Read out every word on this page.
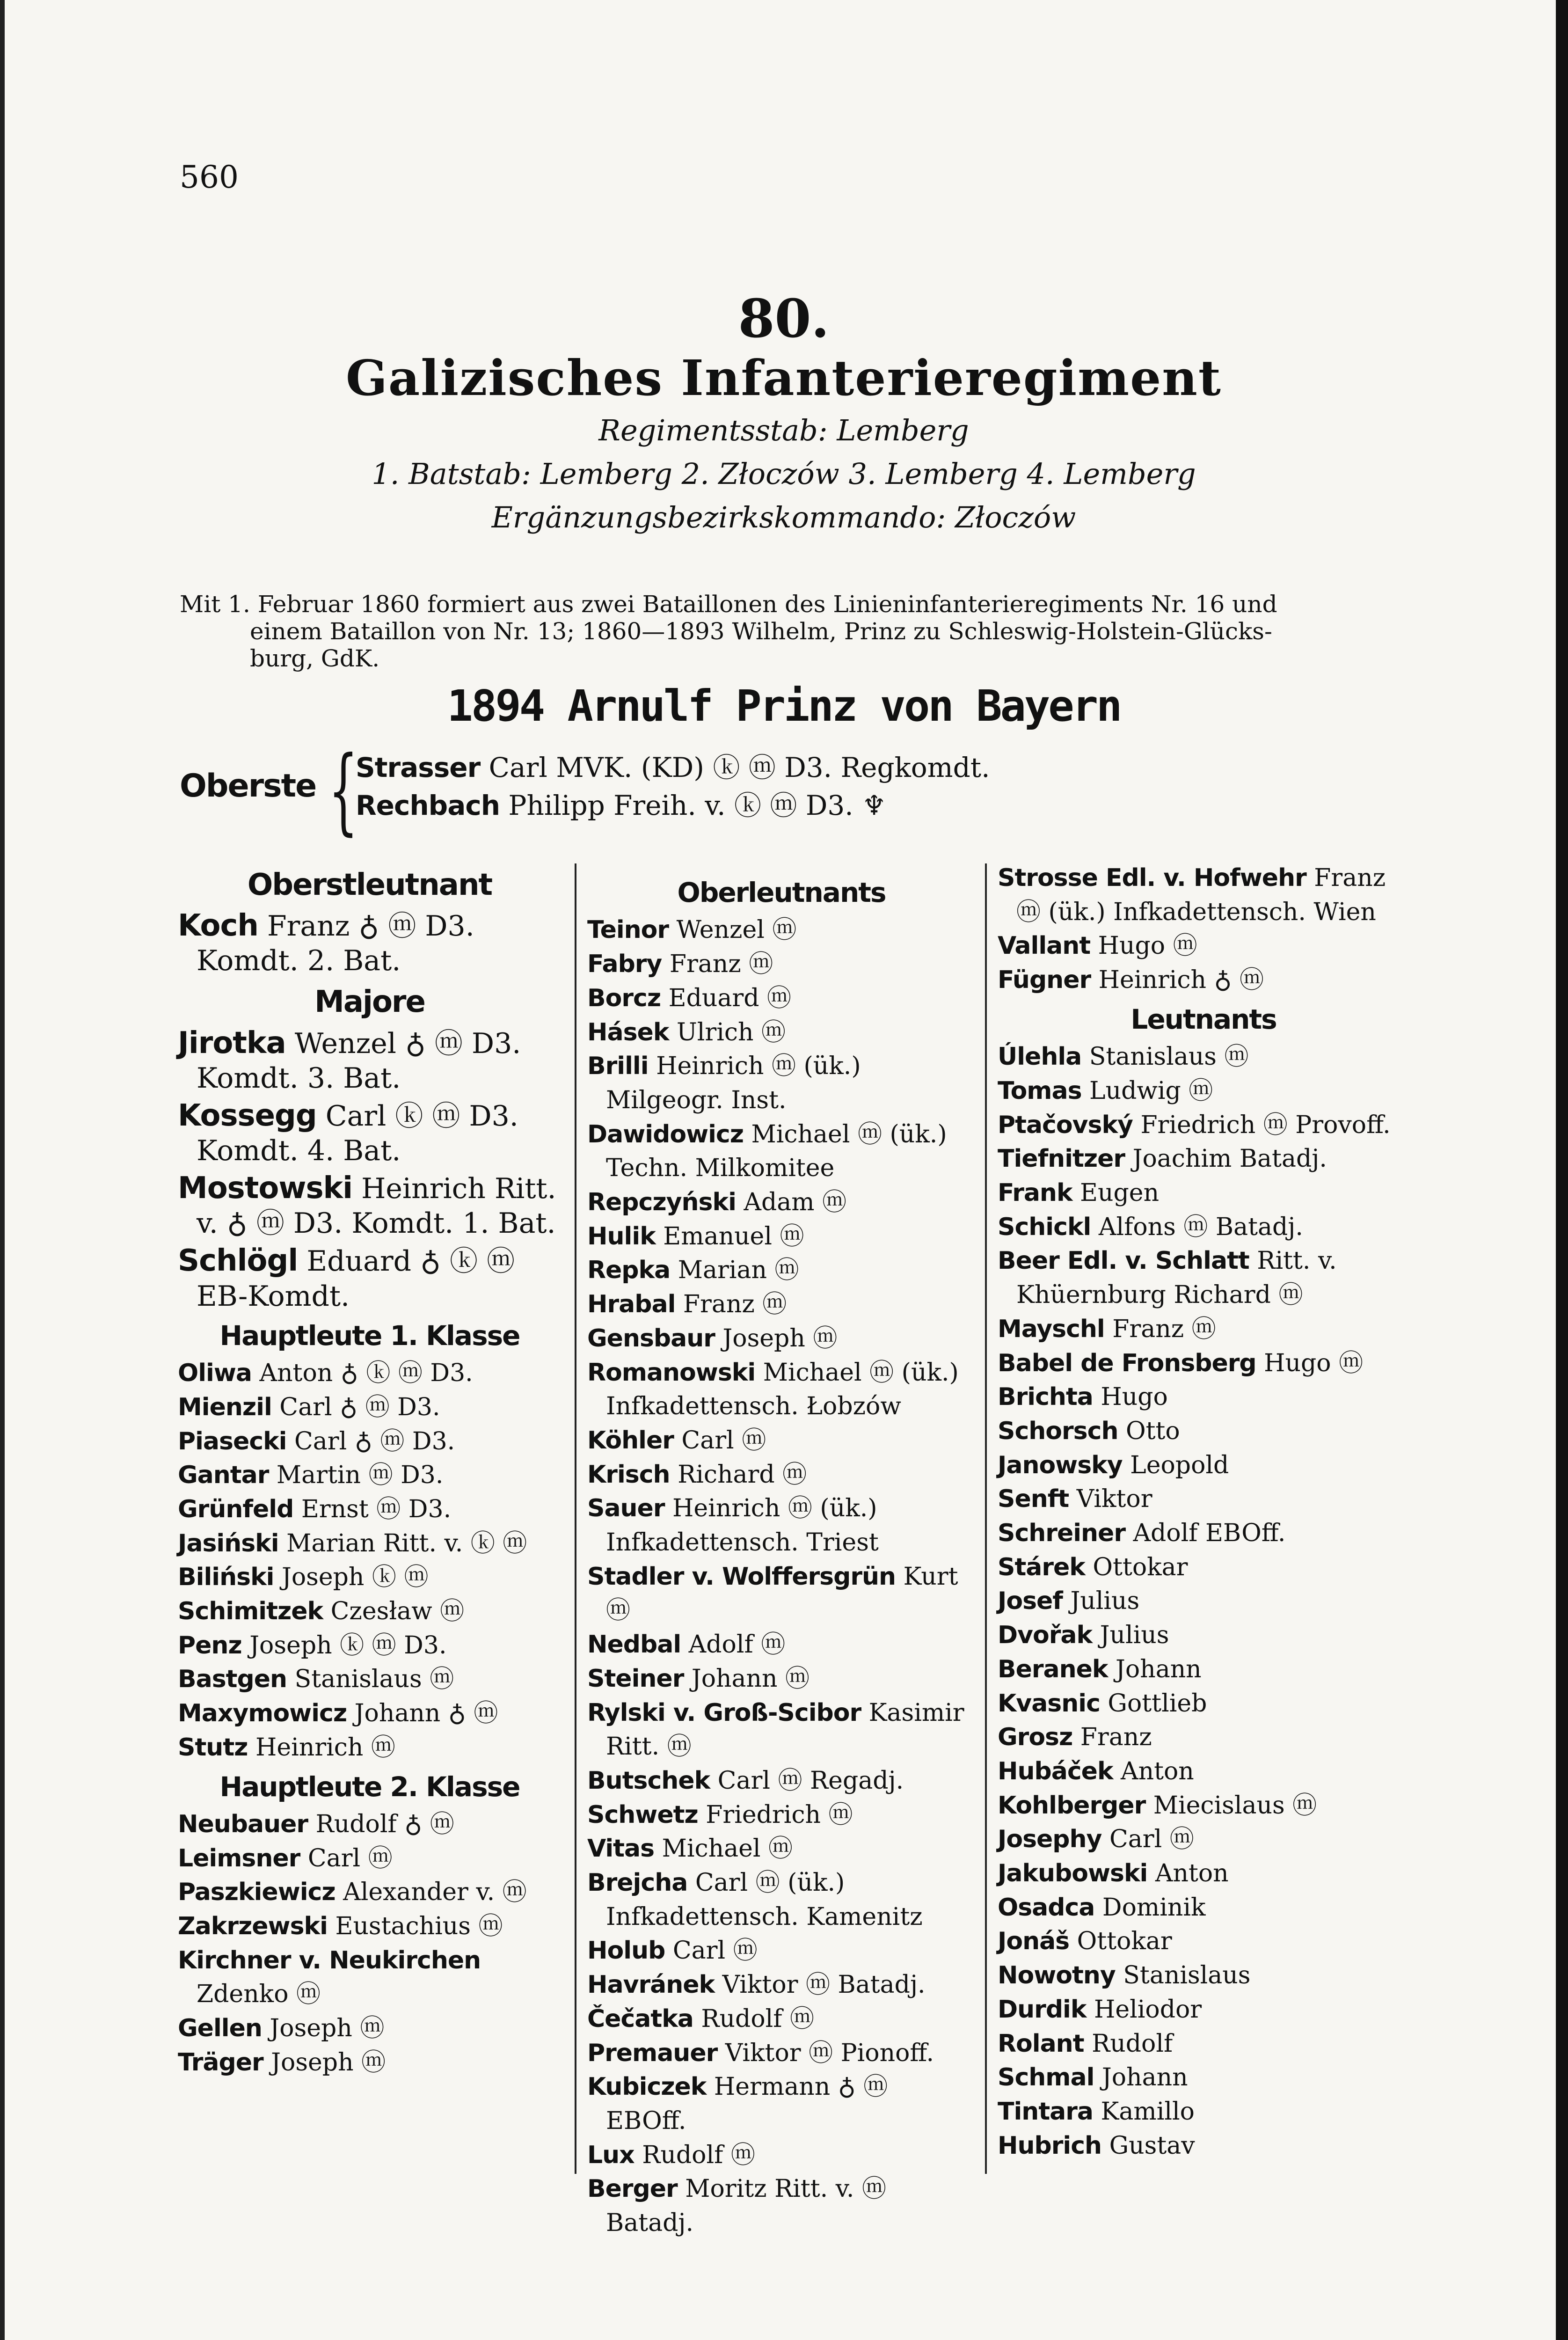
560
80.
Galizisches Infanterieregiment
Regimentsstab: Lemberg
1. Batstab: Lemberg 2. Złoczów 3. Lemberg 4. Lemberg
Ergänzungsbezirkskommando: Złoczów
Mit 1. Februar 1860 formiert aus zwei Bataillonen des Linieninfanterieregiments Nr. 16 und
einem Bataillon von Nr. 13; 1860—1893 Wilhelm, Prinz zu Schleswig-Holstein-Glücks-
burg, GdK.
1894 Arnulf Prinz von Bayern
Oberste {
Strasser Carl MVK. (KD) ⓚ ⓜ D3. Regkomdt.
Rechbach Philipp Freih. v. ⓚ ⓜ D3. ♆
Oberstleutnant
Koch Franz ♁ ⓜ D3. Komdt. 2. Bat.
Majore
Jirotka Wenzel ♁ ⓜ D3. Komdt. 3. Bat.
Kossegg Carl ⓚ ⓜ D3. Komdt. 4. Bat.
Mostowski Heinrich Ritt. v. ♁ ⓜ D3. Komdt. 1. Bat.
Schlögl Eduard ♁ ⓚ ⓜ EB-Komdt.
Hauptleute 1. Klasse
Oliwa Anton ♁ ⓚ ⓜ D3.
Mienzil Carl ♁ ⓜ D3.
Piasecki Carl ♁ ⓜ D3.
Gantar Martin ⓜ D3.
Grünfeld Ernst ⓜ D3.
Jasiński Marian Ritt. v. ⓚ ⓜ
Biliński Joseph ⓚ ⓜ
Schimitzek Czesław ⓜ
Penz Joseph ⓚ ⓜ D3.
Bastgen Stanislaus ⓜ
Maxymowicz Johann ♁ ⓜ
Stutz Heinrich ⓜ
Hauptleute 2. Klasse
Neubauer Rudolf ♁ ⓜ
Leimsner Carl ⓜ
Paszkiewicz Alexander v. ⓜ
Zakrzewski Eustachius ⓜ
Kirchner v. Neukirchen Zdenko ⓜ
Gellen Joseph ⓜ
Träger Joseph ⓜ
Oberleutnants
Teinor Wenzel ⓜ
Fabry Franz ⓜ
Borcz Eduard ⓜ
Hásek Ulrich ⓜ
Brilli Heinrich ⓜ (ük.) Milgeogr. Inst.
Dawidowicz Michael ⓜ (ük.) Techn. Milkomitee
Repczyński Adam ⓜ
Hulik Emanuel ⓜ
Repka Marian ⓜ
Hrabal Franz ⓜ
Gensbaur Joseph ⓜ
Romanowski Michael ⓜ (ük.) Infkadettensch. Łobzów
Köhler Carl ⓜ
Krisch Richard ⓜ
Sauer Heinrich ⓜ (ük.) Infkadettensch. Triest
Stadler v. Wolffersgrün Kurt ⓜ
Nedbal Adolf ⓜ
Steiner Johann ⓜ
Rylski v. Groß-Scibor Kasimir Ritt. ⓜ
Butschek Carl ⓜ Regadj.
Schwetz Friedrich ⓜ
Vitas Michael ⓜ
Brejcha Carl ⓜ (ük.) Infkadettensch. Kamenitz
Holub Carl ⓜ
Havránek Viktor ⓜ Batadj.
Čečatka Rudolf ⓜ
Premauer Viktor ⓜ Pionoff.
Kubiczek Hermann ♁ ⓜ EBOff.
Lux Rudolf ⓜ
Berger Moritz Ritt. v. ⓜ Batadj.
Strosse Edl. v. Hofwehr Franz ⓜ (ük.) Infkadettensch. Wien
Vallant Hugo ⓜ
Fügner Heinrich ♁ ⓜ
Leutnants
Úlehla Stanislaus ⓜ
Tomas Ludwig ⓜ
Ptačovský Friedrich ⓜ Provoff.
Tiefnitzer Joachim Batadj.
Frank Eugen
Schickl Alfons ⓜ Batadj.
Beer Edl. v. Schlatt Ritt. v. Khüernburg Richard ⓜ
Mayschl Franz ⓜ
Babel de Fronsberg Hugo ⓜ
Brichta Hugo
Schorsch Otto
Janowsky Leopold
Senft Viktor
Schreiner Adolf EBOff.
Stárek Ottokar
Josef Julius
Dvořak Julius
Beranek Johann
Kvasnic Gottlieb
Grosz Franz
Hubáček Anton
Kohlberger Miecislaus ⓜ
Josephy Carl ⓜ
Jakubowski Anton
Osadca Dominik
Jonáš Ottokar
Nowotny Stanislaus
Durdik Heliodor
Rolant Rudolf
Schmal Johann
Tintara Kamillo
Hubrich Gustav
